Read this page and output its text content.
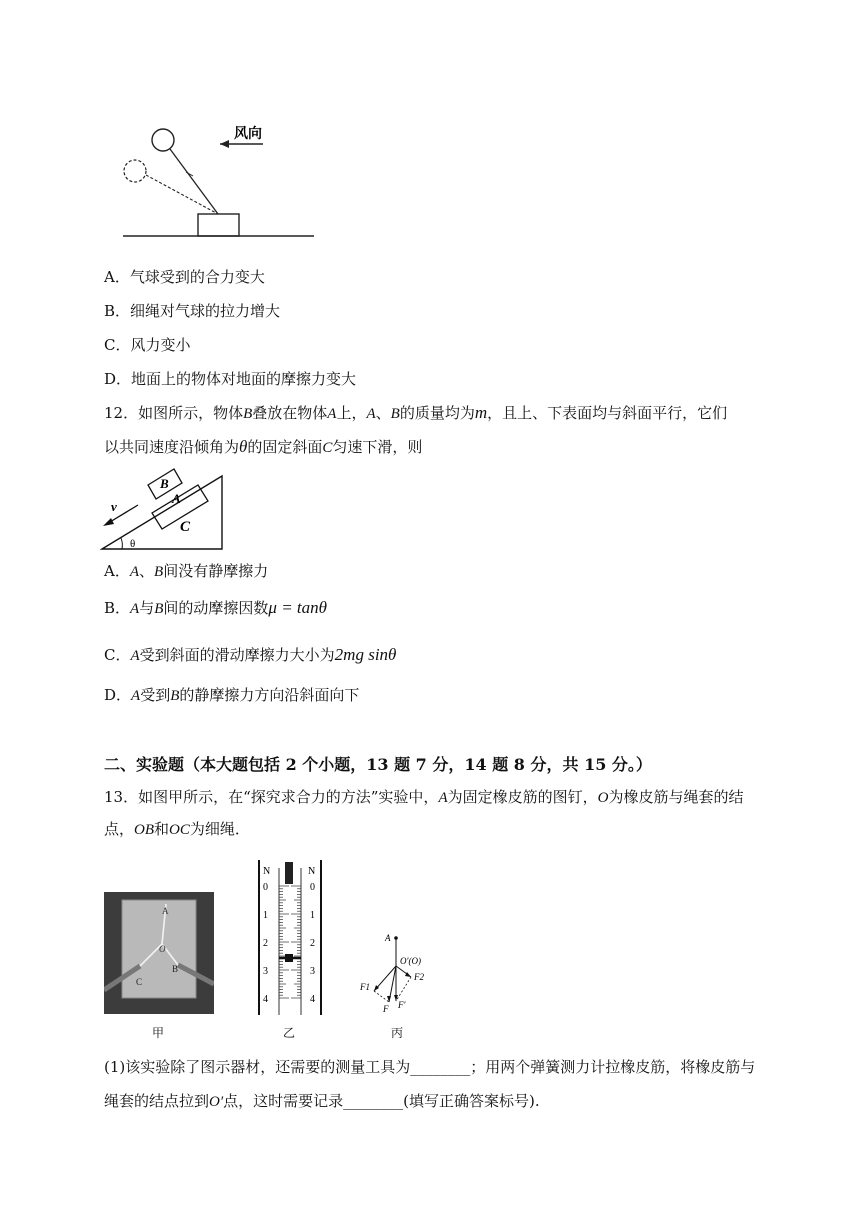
风向
A．气球受到的合力变大
B．细绳对气球的拉力增大
C．风力变小
D．地面上的物体对地面的摩擦力变大
12．如图所示，物体B叠放在物体A上，A、B的质量均为m，且上、下表面均与斜面平行，它们
以共同速度沿倾角为θ的固定斜面C匀速下滑，则
B
A
C
v
θ
A．A、B间没有静摩擦力
B．A与B间的动摩擦因数μ = tanθ
C．A受到斜面的滑动摩擦力大小为2mg sinθ
D．A受到B的静摩擦力方向沿斜面向下
二、实验题（本大题包括 2 个小题，13 题 7 分，14 题 8 分，共 15 分。）
13．如图甲所示，在“探究求合力的方法”实验中，A为固定橡皮筋的图钉，O为橡皮筋与绳套的结
点，OB和OC为细绳．
A
O
B
C
甲
N	N
0
1
2
3
4
0
1
2
3
4
乙
A
O′(O)
F1
F2
F F′
丙
(1)该实验除了图示器材，还需要的测量工具为________；用两个弹簧测力计拉橡皮筋，将橡皮筋与
绳套的结点拉到O′点，这时需要记录________(填写正确答案标号).
